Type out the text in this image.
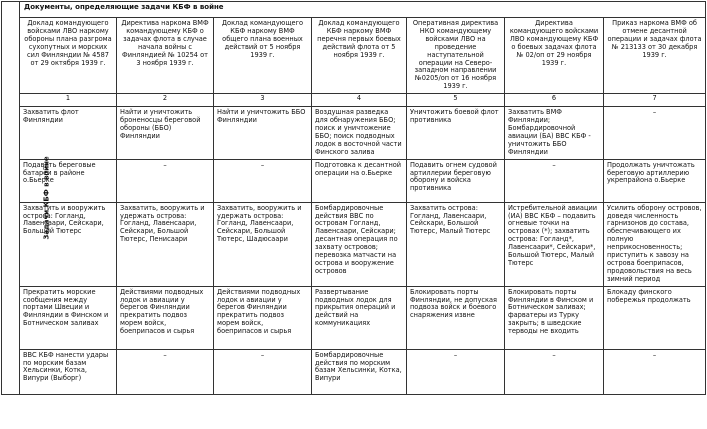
Задачи КБФ в войне	Документы, определяющие задачи КБФ в войне						
	Доклад командующего войсками ЛВО наркому обороны плана разгрома сухопутных и морских сил Финляндии № 4587 от 29 октября 1939 г.	Директива наркома ВМФ командующему КБФ о задачах флота в случае начала войны с Финляндией № 10254 от 3 ноября 1939 г.	Доклад командующего КБФ наркому ВМФ общего плана военных действий от 5 ноября 1939 г.	Доклад командующего КБФ наркому ВМФ перечня первых боевых действий флота от 5 ноября 1939 г.	Оперативная директива НКО командующему войсками ЛВО на проведение наступательной операции на Северо-западном направлении №0205/оп от 16 ноября 1939 г.	Директива командующего войсками ЛВО командующему КБФ о боевых задачах флота № 02/оп от 29 ноября 1939 г.	Приказ наркома ВМФ об отмене десантной операции и задачах флота № 213133 от 30 декабря 1939 г.
	1	2	3	4	5	6	7
	Захватить флот Финляндии	Найти и уничтожить броненосцы береговой обороны (ББО) Финляндии	Найти и уничтожить ББО Финляндии	Воздушная разведка для обнаружения ББО; поиск и уничтожение ББО; поиск подводных лодок в восточной части Финского залива	Уничтожить боевой флот противника	Захватить ВМФ Финляндии; Бомбардировочной авиации (БА) ВВС КБФ - уничтожить ББО Финляндии	–
	Подавить береговые батареи в районе о.Бьерке	–	–	Подготовка к десантной операции на о.Бьерке	Подавить огнем судовой артиллерии береговую оборону и войска противника	–	Продолжать уничтожать береговую артиллерию укрепрайона о.Бьерке
	Захватить и вооружить острова: Гогланд, Лавенсаари, Сейскари, Большой Тютерс	Захватить, вооружить и удержать острова: Гогланд, Лавенсаари, Сейскари, Большой Тютерс, Пенисаари	Захватить, вооружить и удержать острова: Гогланд, Лавенсаари, Сейскари, Большой Тютерс, Шадюсаари	Бомбардировочные действия ВВС по островам Гогланд, Лавенсаари, Сейскари; десантная операция по захвату островов; перевозка матчасти на острова и вооружение островов	Захватить острова: Гогланд, Лавенсаари, Сейскари, Большой Тютерс, Малый Тютерс	Истребительной авиации (ИА) ВВС КБФ – подавить огневые точки на островах (*); захватить острова: Гогланд*, Лавенсаари*, Сейскари*, Большой Тютерс, Малый Тютерс	Усилить оборону островов, доведя численность гарнизонов до состава, обеспечивающего их полную неприкосновенность; приступить к завозу на острова боеприпасов, продовольствия на весь зимний период
	Прекратить морские сообщения между портами Швеции и Финляндии в Финском и Ботническом заливах	Действиями подводных лодок и авиации у берегов Финляндии прекратить подвоз морем войск, боеприпасов и сырья	Действиями подводных лодок и авиации у берегов Финляндии прекратить подвоз морем войск, боеприпасов и сырья	Развертывание подводных лодок для прикрытия операций и действий на коммуникациях	Блокировать порты Финляндии, не допуская подвоза войск и боевого снаряжения извне	Блокировать порты Финляндии в Финском и Ботническом заливах; фарватеры из Турку закрыть; в шведские терводы не входить	Блокаду финского побережья продолжать
	ВВС КБФ нанести удары по морским базам Хельсинки, Котка, Випури (Выборг)	–	–	Бомбардировочные действия по морским базам Хельсинки, Котка, Випури	–	–	–
